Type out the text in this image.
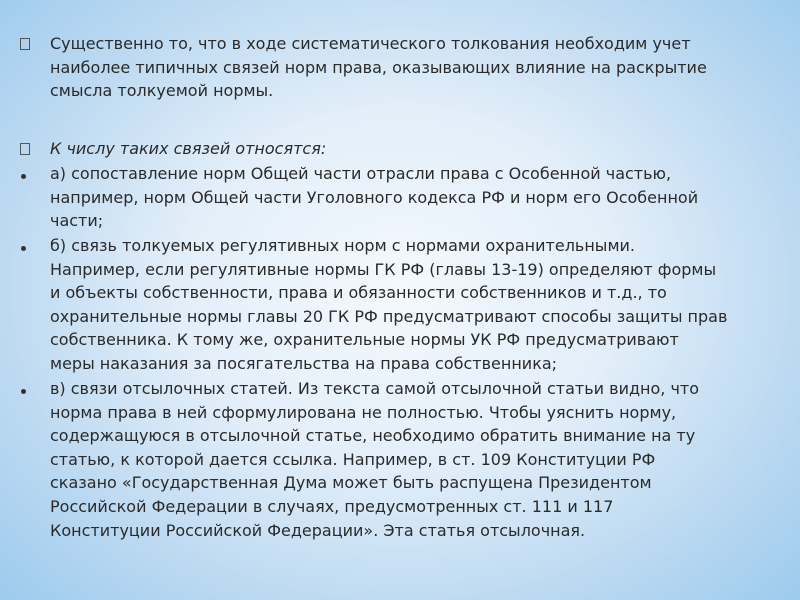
Существенно то, что в ходе систематического толкования необходим учет
наиболее типичных связей норм права, оказывающих влияние на раскрытие
смысла толкуемой нормы.
К числу таких связей относятся:
а) сопоставление норм Общей части отрасли права с Особенной частью,
например, норм Общей части Уголовного кодекса РФ и норм его Особенной
части;
б) связь толкуемых регулятивных норм с нормами охранительными.
Например, если регулятивные нормы ГК РФ (главы 13-19) определяют формы
и объекты собственности, права и обязанности собственников и т.д., то
охранительные нормы главы 20 ГК РФ предусматривают способы защиты прав
собственника. К тому же, охранительные нормы УК РФ предусматривают
меры наказания за посягательства на права собственника;
в) связи отсылочных статей. Из текста самой отсылочной статьи видно, что
норма права в ней сформулирована не полностью. Чтобы уяснить норму,
содержащуюся в отсылочной статье, необходимо обратить внимание на ту
статью, к которой дается ссылка. Например, в ст. 109 Конституции РФ
сказано «Государственная Дума может быть распущена Президентом
Российской Федерации в случаях, предусмотренных ст. 111 и 117
Конституции Российской Федерации». Эта статья отсылочная.
